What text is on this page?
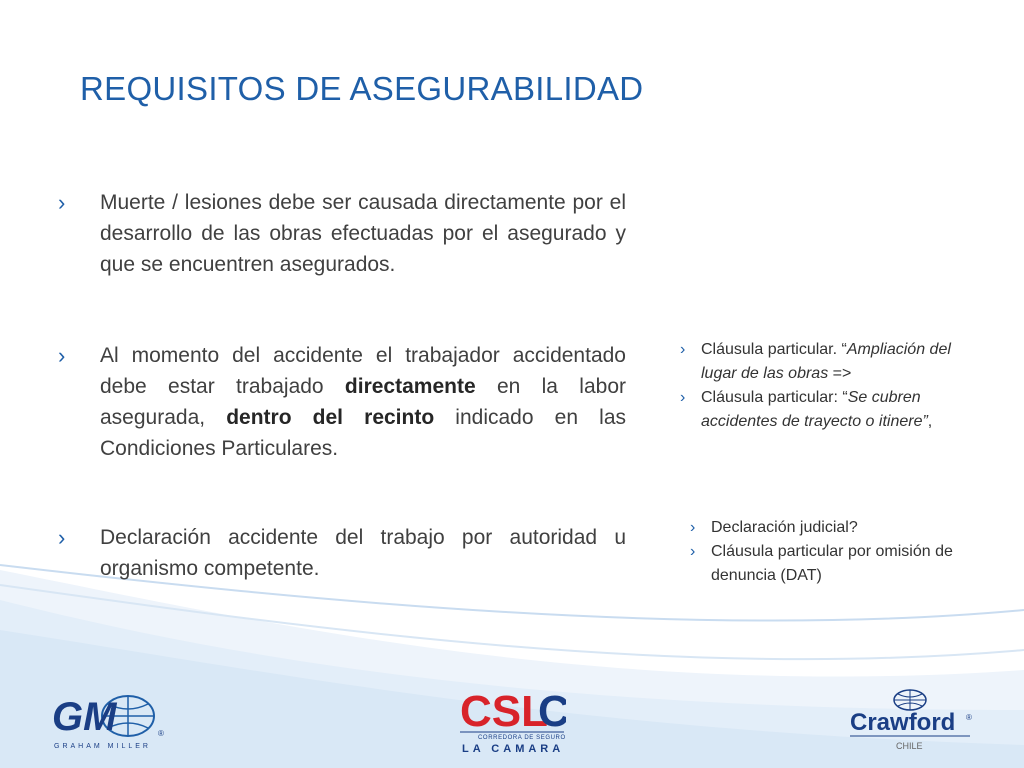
REQUISITOS DE ASEGURABILIDAD
› Muerte / lesiones debe ser causada directamente por el desarrollo de las obras efectuadas por el asegurado y que se encuentren asegurados.
› Al momento del accidente el trabajador accidentado debe estar trabajado directamente en la labor asegurada, dentro del recinto indicado en las Condiciones Particulares.
› Declaración accidente del trabajo por autoridad u organismo competente.
› Cláusula particular. “Ampliación del lugar de las obras =>
› Cláusula particular: “Se cubren accidentes de trayecto o itinere”,
› Declaración judicial?
› Cláusula particular por omisión de denuncia (DAT)
GM	®
GRAHAM MILLER
CSL
C
CORREDORA DE SEGUROS
LA CAMARA
Crawford ®
CHILE
